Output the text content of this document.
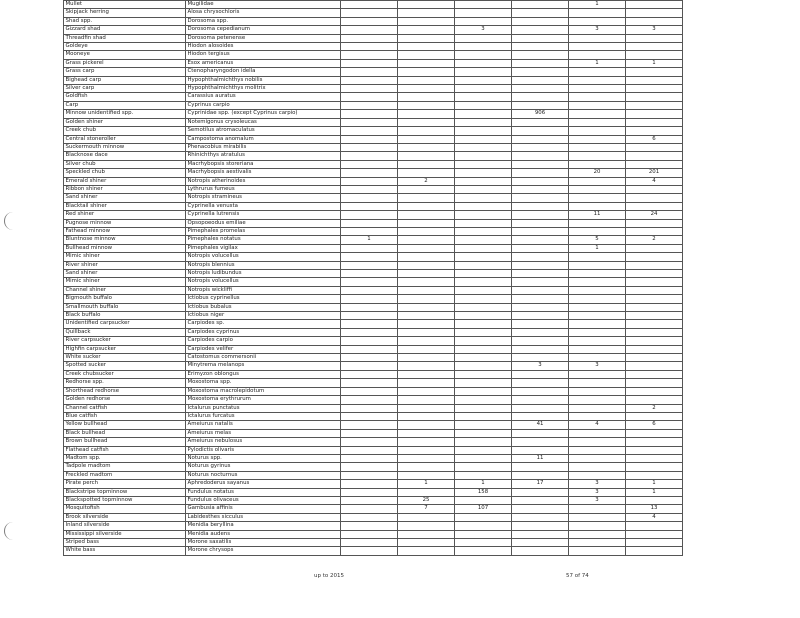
Mullet	Mugilidae					1	
Skipjack herring	Alosa chrysochloris						
Shad spp.	Dorosoma spp.						
Gizzard shad	Dorosoma cepedianum			3		3	3
Threadfin shad	Dorosoma petenense						
Goldeye	Hiodon alosoides						
Mooneye	Hiodon tergisus						
Grass pickerel	Esox americanus					1	1
Grass carp	Ctenopharyngodon idella						
Bighead carp	Hypophthalmichthys nobilis						
Silver carp	Hypophthalmichthys molitrix						
Goldfish	Carassius auratus						
Carp	Cyprinus carpio						
Minnow unidentified spp.	Cyprinidae spp. (except Cyprinus carpio)				906		
Golden shiner	Notemigonus crysoleucas						
Creek chub	Semotilus atromaculatus						
Central stoneroller	Campostoma anomalum						6
Suckermouth minnow	Phenacobius mirabilis						
Blacknose dace	Rhinichthys atratulus						
Silver chub	Macrhybopsis storeriana						
Speckled chub	Macrhybopsis aestivalis					20	201
Emerald shiner	Notropis atherinoides		2				4
Ribbon shiner	Lythrurus fumeus						
Sand shiner	Notropis stramineus						
Blacktail shiner	Cyprinella venusta						
Red shiner	Cyprinella lutrensis					11	24
Pugnose minnow	Opsopoeodus emiliae						
Fathead minnow	Pimephales promelas						
Bluntnose minnow	Pimephales notatus	1				5	2
Bullhead minnow	Pimephales vigilax					1	
Mimic shiner	Notropis volucellus						
River shiner	Notropis blennius						
Sand shiner	Notropis ludibundus						
Mimic shiner	Notropis volucellus						
Channel shiner	Notropis wickliffi						
Bigmouth buffalo	Ictiobus cyprinellus						
Smallmouth buffalo	Ictiobus bubalus						
Black buffalo	Ictiobus niger						
Unidentified carpsucker	Carpiodes sp.						
Quillback	Carpiodes cyprinus						
River carpsucker	Carpiodes carpio						
Highfin carpsucker	Carpiodes velifer						
White sucker	Catostomus commersonii						
Spotted sucker	Minytrema melanops				3	3	
Creek chubsucker	Erimyzon oblongus						
Redhorse spp.	Moxostoma spp.						
Shorthead redhorse	Moxostoma macrolepidotum						
Golden redhorse	Moxostoma erythrurum						
Channel catfish	Ictalurus punctatus						2
Blue catfish	Ictalurus furcatus						
Yellow bullhead	Ameiurus natalis				41	4	6
Black bullhead	Ameiurus melas						
Brown bullhead	Ameiurus nebulosus						
Flathead catfish	Pylodictis olivaris						
Madtom spp.	Noturus spp.				11		
Tadpole madtom	Noturus gyrinus						
Freckled madtom	Noturus nocturnus						
Pirate perch	Aphredoderus sayanus		1	1	17	3	1
Blackstripe topminnow	Fundulus notatus			158		3	1
Blackspotted topminnow	Fundulus olivaceus		25			3	
Mosquitofish	Gambusia affinis		7	107			13
Brook silverside	Labidesthes sicculus						4
Inland silverside	Menidia beryllina						
Mississippi silverside	Menidia audens						
Striped bass	Morone saxatilis						
White bass	Morone chrysops						
up to 2015	57 of 74
